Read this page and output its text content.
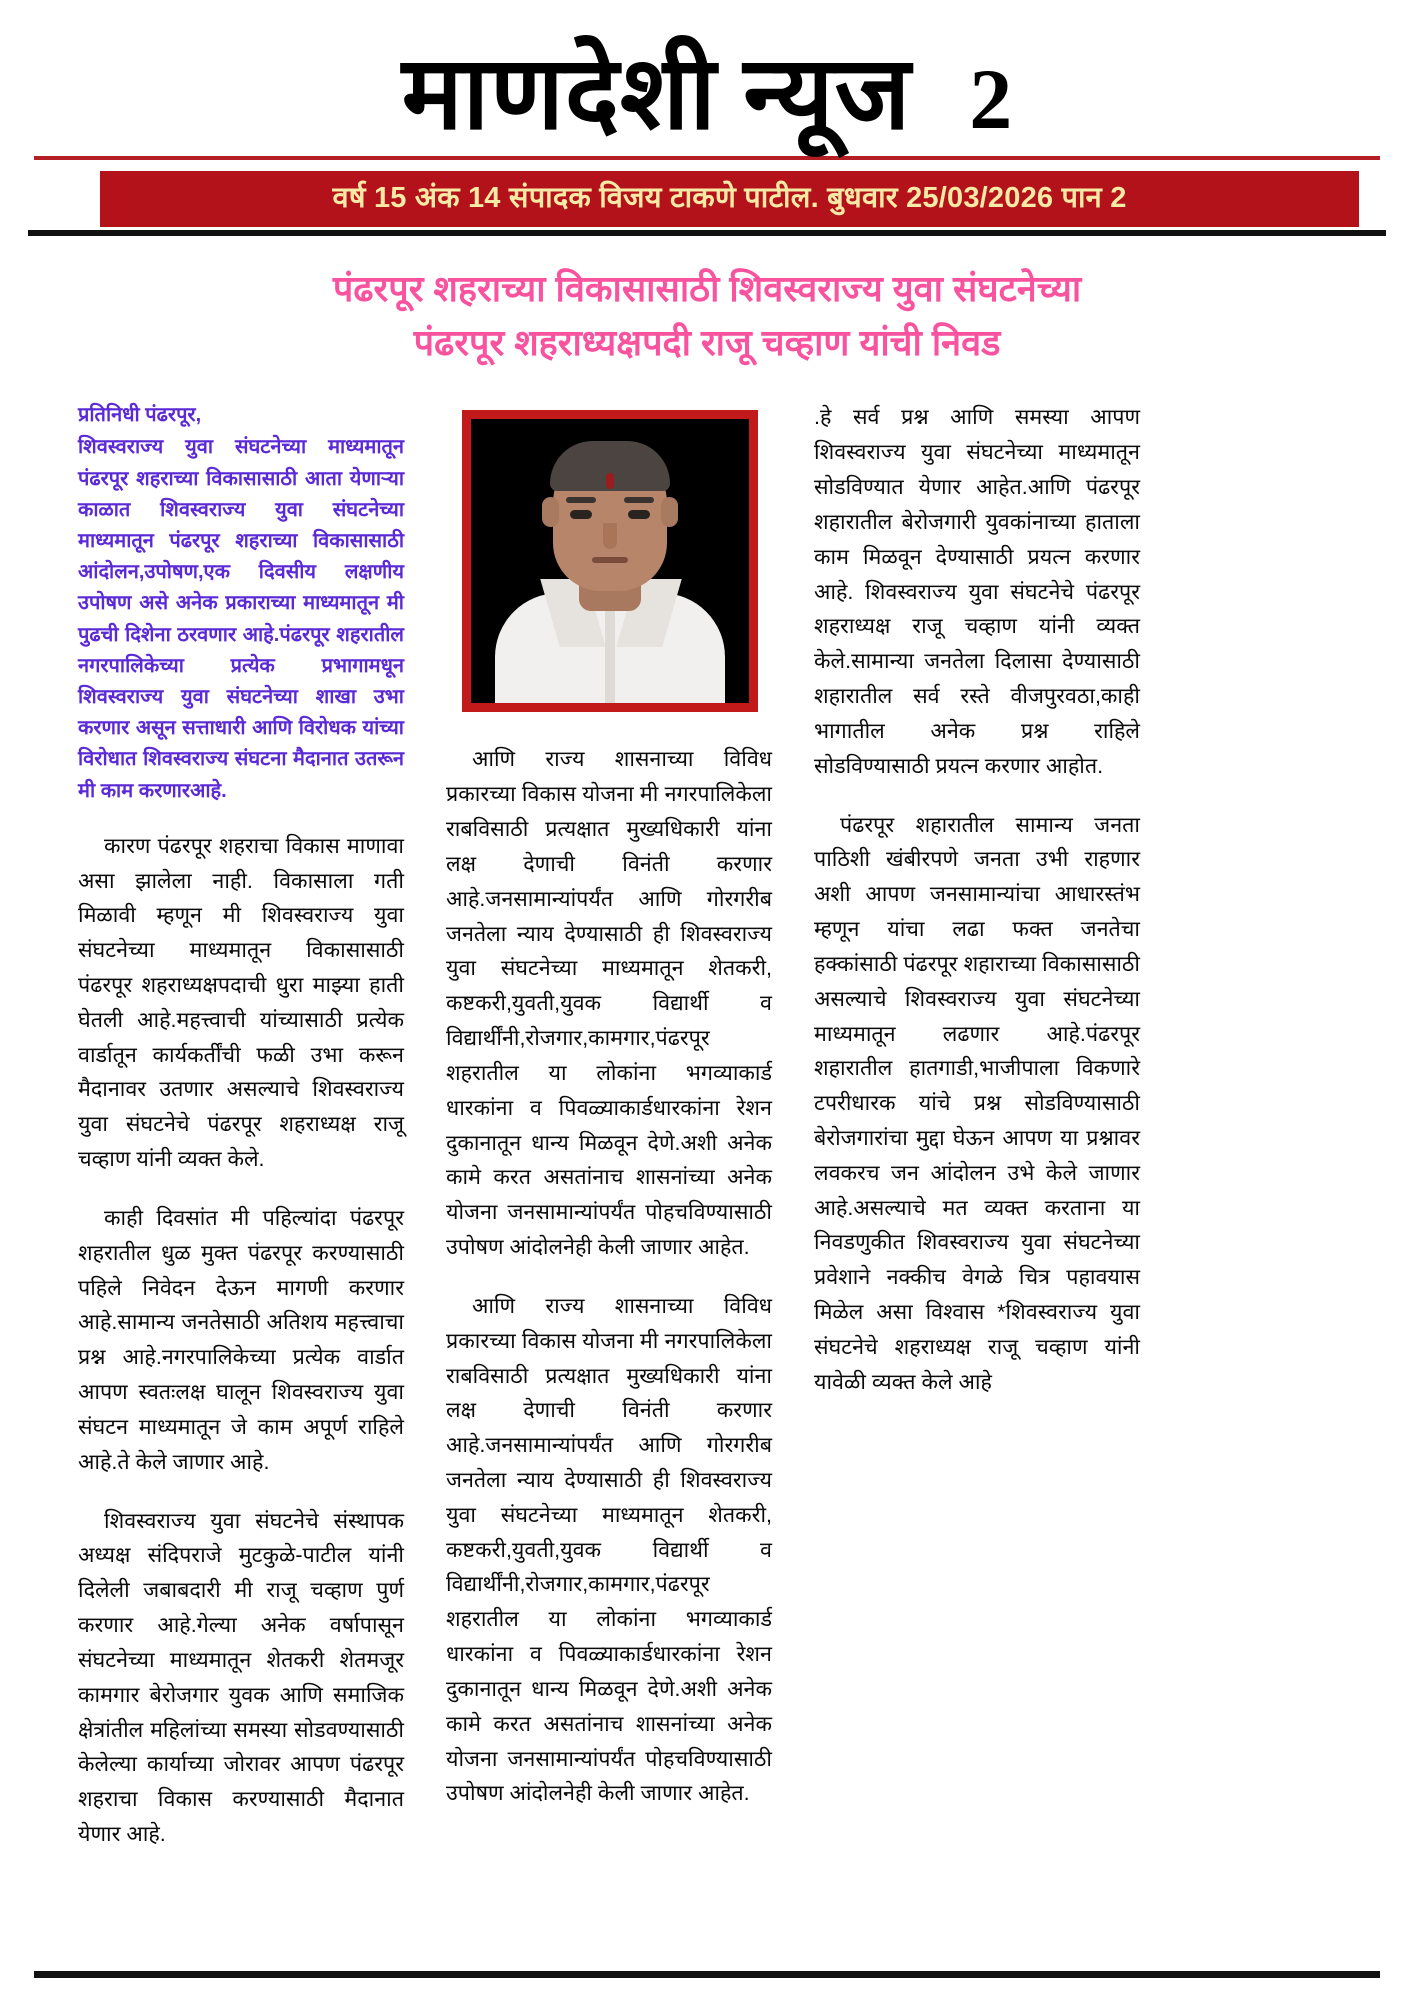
माणदेशी न्यूज 2
वर्ष 15 अंक 14 संपादक विजय टाकणे पाटील. बुधवार 25/03/2026 पान 2
पंढरपूर शहराच्या विकासासाठी शिवस्वराज्य युवा संघटनेच्या
पंढरपूर शहराध्यक्षपदी राजू चव्हाण यांची निवड
प्रतिनिधी पंढरपूर,

शिवस्वराज्य युवा संघटनेच्या माध्यमातून पंढरपूर शहराच्या विकासासाठी आता येणाऱ्या काळात शिवस्वराज्य युवा संघटनेच्या माध्यमातून पंढरपूर शहराच्या विकासासाठी आंदोलन,उपोषण,एक दिवसीय लक्षणीय उपोषण असे अनेक प्रकाराच्या माध्यमातून मी पुढची दिशेना ठरवणार आहे.पंढरपूर शहरातील नगरपालिकेच्या प्रत्येक प्रभागामधून शिवस्वराज्य युवा संघटनेच्या शाखा उभा करणार असून सत्ताधारी आणि विरोधक यांच्या विरोधात शिवस्वराज्य संघटना मैदानात उतरून मी काम करणारआहे.

कारण पंढरपूर शहराचा विकास माणावा असा झालेला नाही. विकासाला गती मिळावी म्हणून मी शिवस्वराज्य युवा संघटनेच्या माध्यमातून विकासासाठी पंढरपूर शहराध्यक्षपदाची धुरा माझ्या हाती घेतली आहे.महत्त्वाची यांच्यासाठी प्रत्येक वार्डातून कार्यकर्तींची फळी उभा करून मैदानावर उतणार असल्याचे शिवस्वराज्य युवा संघटनेचे पंढरपूर शहराध्यक्ष राजू चव्हाण यांनी व्यक्त केले.

काही दिवसांत मी पहिल्यांदा पंढरपूर शहरातील धुळ मुक्त पंढरपूर करण्यासाठी पहिले निवेदन देऊन मागणी करणार आहे.सामान्य जनतेसाठी अतिशय महत्त्वाचा प्रश्न आहे.नगरपालिकेच्या प्रत्येक वार्डात आपण स्वतःलक्ष घालून शिवस्वराज्य युवा संघटन माध्यमातून जे काम अपूर्ण राहिले आहे.ते केले जाणार आहे.

शिवस्वराज्य युवा संघटनेचे संस्थापक अध्यक्ष संदिपराजे मुटकुळे-पाटील यांनी दिलेली जबाबदारी मी राजू चव्हाण पुर्ण करणार आहे.गेल्या अनेक वर्षापासून संघटनेच्या माध्यमातून शेतकरी शेतमजूर कामगार बेरोजगार युवक आणि समाजिक क्षेत्रांतील महिलांच्या समस्या सोडवण्यासाठी केलेल्या कार्याच्या जोरावर आपण पंढरपूर शहराचा विकास करण्यासाठी मैदानात येणार आहे.

आणि राज्य शासनाच्या विविध प्रकारच्या विकास योजना मी नगरपालिकेला राबविसाठी प्रत्यक्षात मुख्यधिकारी यांना लक्ष देणाची विनंती करणार आहे.जनसामान्यांपर्यंत आणि गोरगरीब जनतेला न्याय देण्यासाठी ही शिवस्वराज्य युवा संघटनेच्या माध्यमातून शेतकरी, कष्टकरी,युवती,युवक विद्यार्थी व विद्यार्थींनी,रोजगार,कामगार,पंढरपूर शहरातील या लोकांना भगव्याकार्ड धारकांना व पिवळ्याकार्डधारकांना रेशन दुकानातून धान्य मिळवून देणे.अशी अनेक कामे करत असतांनाच शासनांच्या अनेक योजना जनसामान्यांपर्यंत पोहचविण्यासाठी उपोषण आंदोलनेही केली जाणार आहेत.

आणि राज्य शासनाच्या विविध प्रकारच्या विकास योजना मी नगरपालिकेला राबविसाठी प्रत्यक्षात मुख्यधिकारी यांना लक्ष देणाची विनंती करणार आहे.जनसामान्यांपर्यंत आणि गोरगरीब जनतेला न्याय देण्यासाठी ही शिवस्वराज्य युवा संघटनेच्या माध्यमातून शेतकरी, कष्टकरी,युवती,युवक विद्यार्थी व विद्यार्थींनी,रोजगार,कामगार,पंढरपूर शहरातील या लोकांना भगव्याकार्ड धारकांना व पिवळ्याकार्डधारकांना रेशन दुकानातून धान्य मिळवून देणे.अशी अनेक कामे करत असतांनाच शासनांच्या अनेक योजना जनसामान्यांपर्यंत पोहचविण्यासाठी उपोषण आंदोलनेही केली जाणार आहेत.

.हे सर्व प्रश्न आणि समस्या आपण शिवस्वराज्य युवा संघटनेच्या माध्यमातून सोडविण्यात येणार आहेत.आणि पंढरपूर शहारातील बेरोजगारी युवकांनाच्या हाताला काम मिळवून देण्यासाठी प्रयत्न करणार आहे. शिवस्वराज्य युवा संघटनेचे पंढरपूर शहराध्यक्ष राजू चव्हाण यांनी व्यक्त केले.सामान्या जनतेला दिलासा देण्यासाठी शहारातील सर्व रस्ते वीजपुरवठा,काही भागातील अनेक प्रश्न राहिले सोडविण्यासाठी प्रयत्न करणार आहोत.

पंढरपूर शहारातील सामान्य जनता पाठिशी खंबीरपणे जनता उभी राहणार अशी आपण जनसामान्यांचा आधारस्तंभ म्हणून यांचा लढा फक्त जनतेचा हक्कांसाठी पंढरपूर शहाराच्या विकासासाठी असल्याचे शिवस्वराज्य युवा संघटनेच्या माध्यमातून लढणार आहे.पंढरपूर शहारातील हातगाडी,भाजीपाला विकणारे टपरीधारक यांचे प्रश्न सोडविण्यासाठी बेरोजगारांचा मुद्दा घेऊन आपण या प्रश्नावर लवकरच जन आंदोलन उभे केले जाणार आहे.असल्याचे मत व्यक्त करताना या निवडणुकीत शिवस्वराज्य युवा संघटनेच्या प्रवेशाने नक्कीच वेगळे चित्र पहावयास मिळेल असा विश्वास *शिवस्वराज्य युवा संघटनेचे शहराध्यक्ष राजू चव्हाण यांनी यावेळी व्यक्त केले आहे
